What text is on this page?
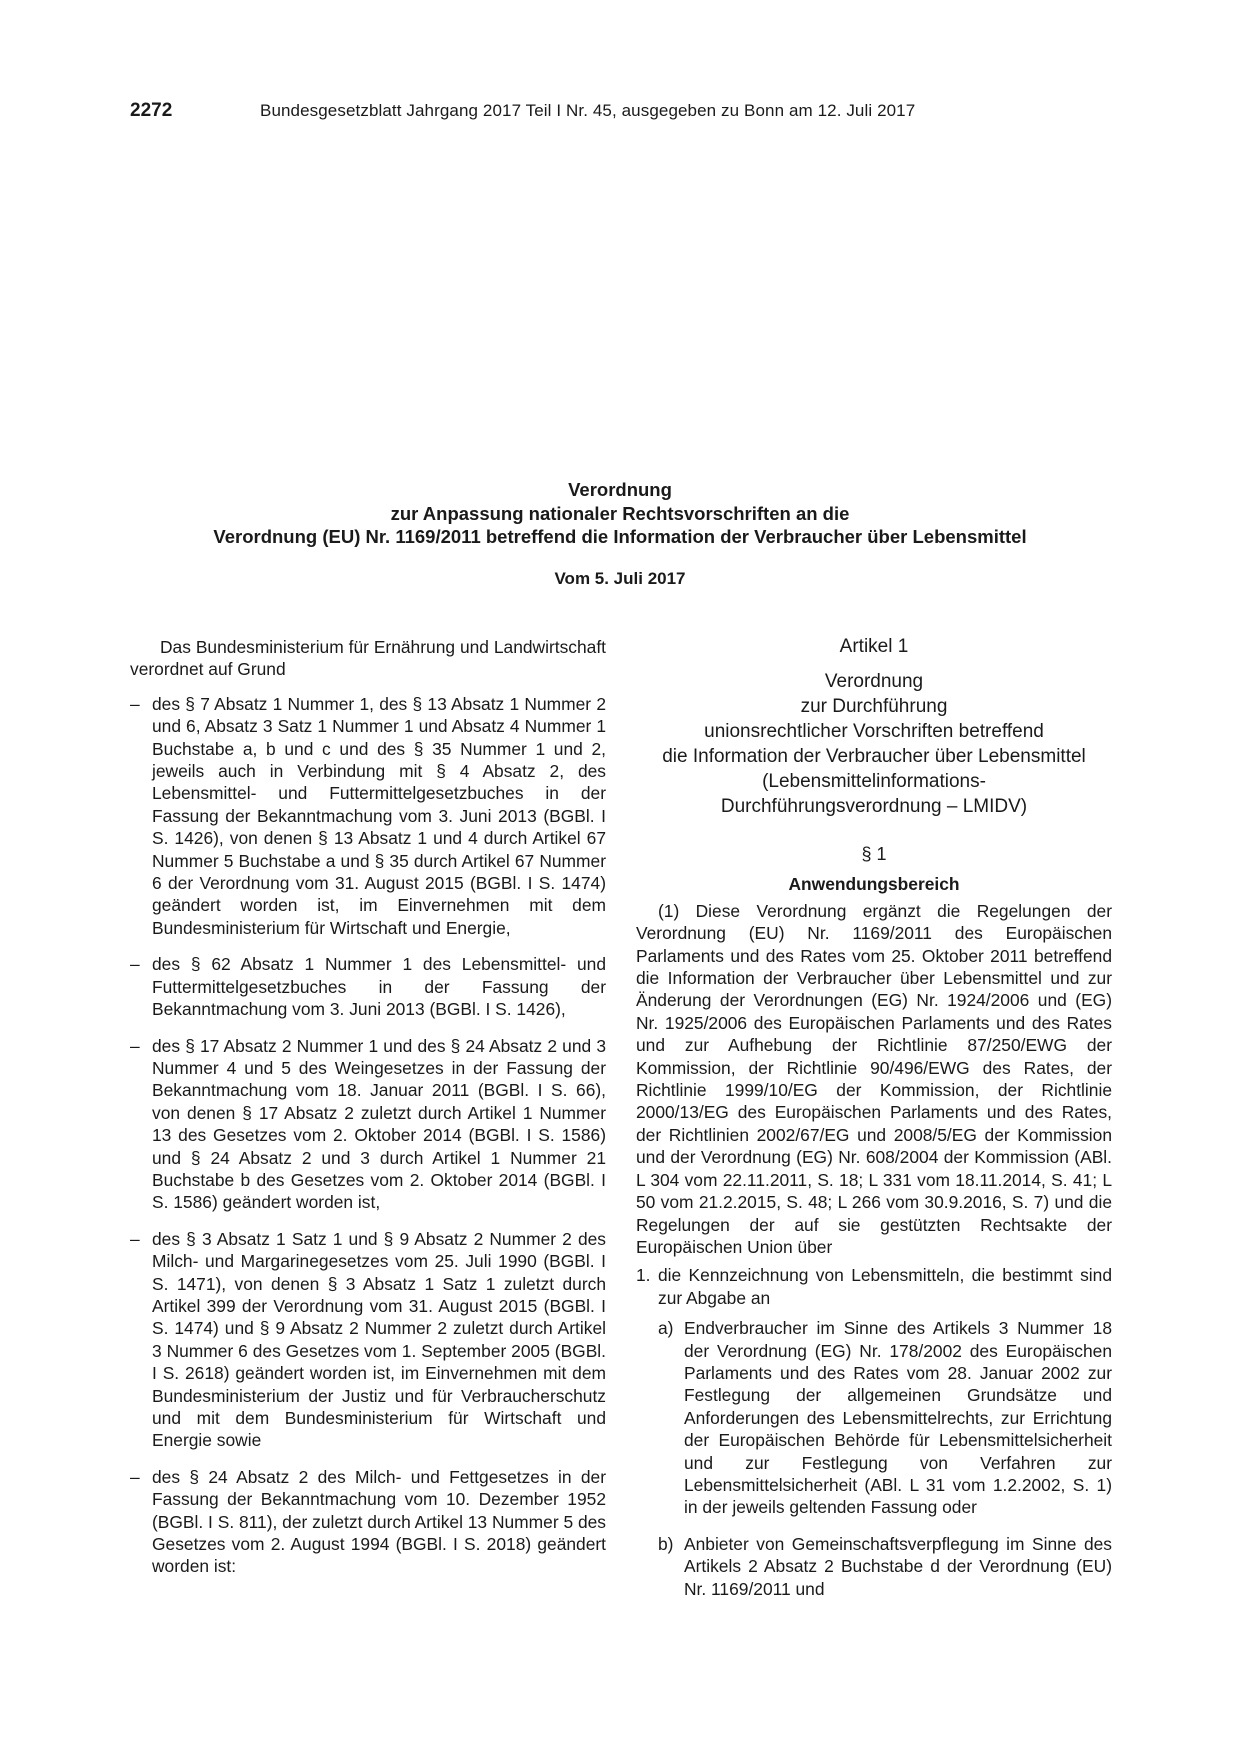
2272	Bundesgesetzblatt Jahrgang 2017 Teil I Nr. 45, ausgegeben zu Bonn am 12. Juli 2017
Verordnung
zur Anpassung nationaler Rechtsvorschriften an die
Verordnung (EU) Nr. 1169/2011 betreffend die Information der Verbraucher über Lebensmittel
Vom 5. Juli 2017

Das Bundesministerium für Ernährung und Landwirtschaft verordnet auf Grund

– des § 7 Absatz 1 Nummer 1, des § 13 Absatz 1 Nummer 2 und 6, Absatz 3 Satz 1 Nummer 1 und Absatz 4 Nummer 1 Buchstabe a, b und c und des § 35 Nummer 1 und 2, jeweils auch in Verbindung mit § 4 Absatz 2, des Lebensmittel- und Futtermittelgesetzbuches in der Fassung der Bekanntmachung vom 3. Juni 2013 (BGBl. I S. 1426), von denen § 13 Absatz 1 und 4 durch Artikel 67 Nummer 5 Buchstabe a und § 35 durch Artikel 67 Nummer 6 der Verordnung vom 31. August 2015 (BGBl. I S. 1474) geändert worden ist, im Einvernehmen mit dem Bundesministerium für Wirtschaft und Energie,

– des § 62 Absatz 1 Nummer 1 des Lebensmittel- und Futtermittelgesetzbuches in der Fassung der Bekanntmachung vom 3. Juni 2013 (BGBl. I S. 1426),

– des § 17 Absatz 2 Nummer 1 und des § 24 Absatz 2 und 3 Nummer 4 und 5 des Weingesetzes in der Fassung der Bekanntmachung vom 18. Januar 2011 (BGBl. I S. 66), von denen § 17 Absatz 2 zuletzt durch Artikel 1 Nummer 13 des Gesetzes vom 2. Oktober 2014 (BGBl. I S. 1586) und § 24 Absatz 2 und 3 durch Artikel 1 Nummer 21 Buchstabe b des Gesetzes vom 2. Oktober 2014 (BGBl. I S. 1586) geändert worden ist,

– des § 3 Absatz 1 Satz 1 und § 9 Absatz 2 Nummer 2 des Milch- und Margarinegesetzes vom 25. Juli 1990 (BGBl. I S. 1471), von denen § 3 Absatz 1 Satz 1 zuletzt durch Artikel 399 der Verordnung vom 31. August 2015 (BGBl. I S. 1474) und § 9 Absatz 2 Nummer 2 zuletzt durch Artikel 3 Nummer 6 des Gesetzes vom 1. September 2005 (BGBl. I S. 2618) geändert worden ist, im Einvernehmen mit dem Bundesministerium der Justiz und für Verbraucherschutz und mit dem Bundesministerium für Wirtschaft und Energie sowie

– des § 24 Absatz 2 des Milch- und Fettgesetzes in der Fassung der Bekanntmachung vom 10. Dezember 1952 (BGBl. I S. 811), der zuletzt durch Artikel 13 Nummer 5 des Gesetzes vom 2. August 1994 (BGBl. I S. 2018) geändert worden ist:

Artikel 1
Verordnung
zur Durchführung
unionsrechtlicher Vorschriften betreffend
die Information der Verbraucher über Lebensmittel
(Lebensmittelinformations-
Durchführungsverordnung – LMIDV)
§ 1
Anwendungsbereich

(1) Diese Verordnung ergänzt die Regelungen der Verordnung (EU) Nr. 1169/2011 des Europäischen Parlaments und des Rates vom 25. Oktober 2011 betreffend die Information der Verbraucher über Lebensmittel und zur Änderung der Verordnungen (EG) Nr. 1924/2006 und (EG) Nr. 1925/2006 des Europäischen Parlaments und des Rates und zur Aufhebung der Richtlinie 87/250/EWG der Kommission, der Richtlinie 90/496/EWG des Rates, der Richtlinie 1999/10/EG der Kommission, der Richtlinie 2000/13/EG des Europäischen Parlaments und des Rates, der Richtlinien 2002/67/EG und 2008/5/EG der Kommission und der Verordnung (EG) Nr. 608/2004 der Kommission (ABl. L 304 vom 22.11.2011, S. 18; L 331 vom 18.11.2014, S. 41; L 50 vom 21.2.2015, S. 48; L 266 vom 30.9.2016, S. 7) und die Regelungen der auf sie gestützten Rechtsakte der Europäischen Union über

1. die Kennzeichnung von Lebensmitteln, die bestimmt sind zur Abgabe an

a) Endverbraucher im Sinne des Artikels 3 Nummer 18 der Verordnung (EG) Nr. 178/2002 des Europäischen Parlaments und des Rates vom 28. Januar 2002 zur Festlegung der allgemeinen Grundsätze und Anforderungen des Lebensmittelrechts, zur Errichtung der Europäischen Behörde für Lebensmittelsicherheit und zur Festlegung von Verfahren zur Lebensmittelsicherheit (ABl. L 31 vom 1.2.2002, S. 1) in der jeweils geltenden Fassung oder

b) Anbieter von Gemeinschaftsverpflegung im Sinne des Artikels 2 Absatz 2 Buchstabe d der Verordnung (EU) Nr. 1169/2011 und
